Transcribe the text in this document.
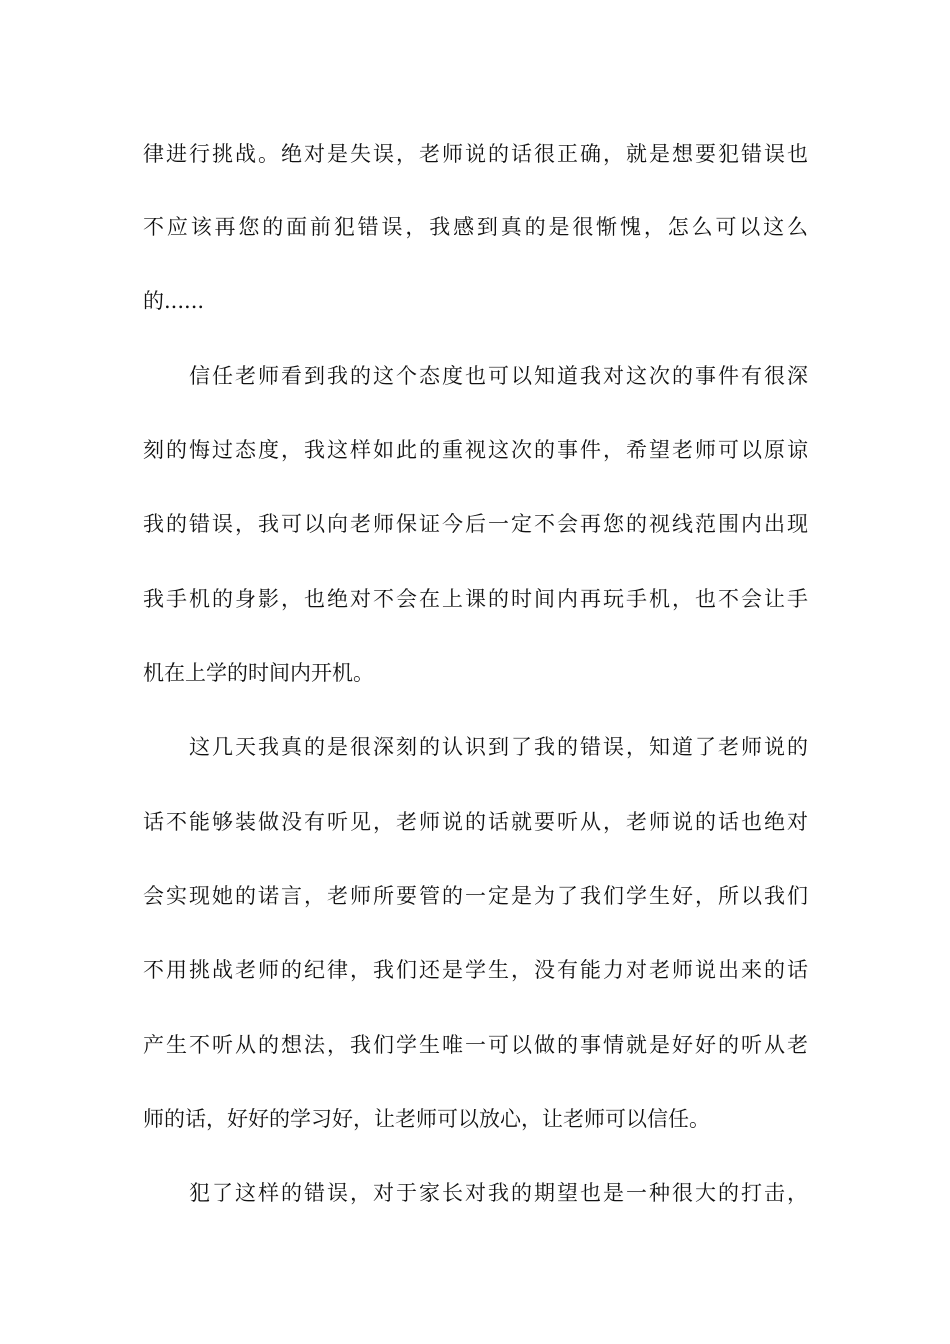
律进行挑战。绝对是失误，老师说的话很正确，就是想要犯错误也
不应该再您的面前犯错误，我感到真的是很惭愧，怎么可以这么
的......
信任老师看到我的这个态度也可以知道我对这次的事件有很深
刻的悔过态度，我这样如此的重视这次的事件，希望老师可以原谅
我的错误，我可以向老师保证今后一定不会再您的视线范围内出现
我手机的身影，也绝对不会在上课的时间内再玩手机，也不会让手
机在上学的时间内开机。
这几天我真的是很深刻的认识到了我的错误，知道了老师说的
话不能够装做没有听见，老师说的话就要听从，老师说的话也绝对
会实现她的诺言，老师所要管的一定是为了我们学生好，所以我们
不用挑战老师的纪律，我们还是学生，没有能力对老师说出来的话
产生不听从的想法，我们学生唯一可以做的事情就是好好的听从老
师的话，好好的学习好，让老师可以放心，让老师可以信任。
犯了这样的错误，对于家长对我的期望也是一种很大的打击，
